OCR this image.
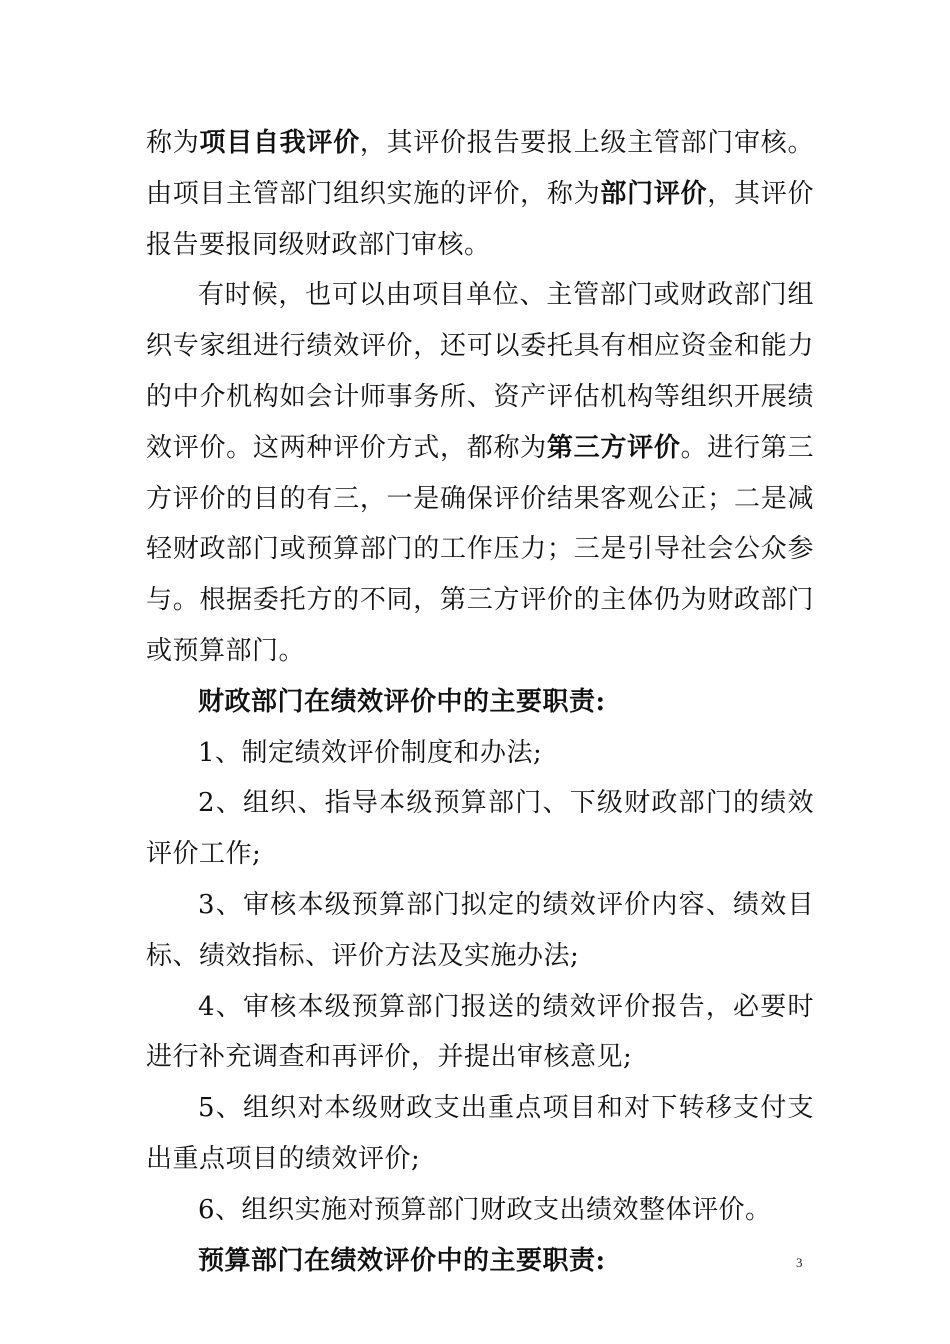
称为项目自我评价，其评价报告要报上级主管部门审核。由项目主管部门组织实施的评价，称为部门评价，其评价报告要报同级财政部门审核。

有时候，也可以由项目单位、主管部门或财政部门组织专家组进行绩效评价，还可以委托具有相应资金和能力的中介机构如会计师事务所、资产评估机构等组织开展绩效评价。这两种评价方式，都称为第三方评价。进行第三方评价的目的有三，一是确保评价结果客观公正；二是减轻财政部门或预算部门的工作压力；三是引导社会公众参与。根据委托方的不同，第三方评价的主体仍为财政部门或预算部门。

财政部门在绩效评价中的主要职责:

1、制定绩效评价制度和办法;

2、组织、指导本级预算部门、下级财政部门的绩效评价工作;

3、审核本级预算部门拟定的绩效评价内容、绩效目标、绩效指标、评价方法及实施办法;

4、审核本级预算部门报送的绩效评价报告，必要时进行补充调查和再评价，并提出审核意见;

5、组织对本级财政支出重点项目和对下转移支付支出重点项目的绩效评价;

6、组织实施对预算部门财政支出绩效整体评价。

预算部门在绩效评价中的主要职责:	3
